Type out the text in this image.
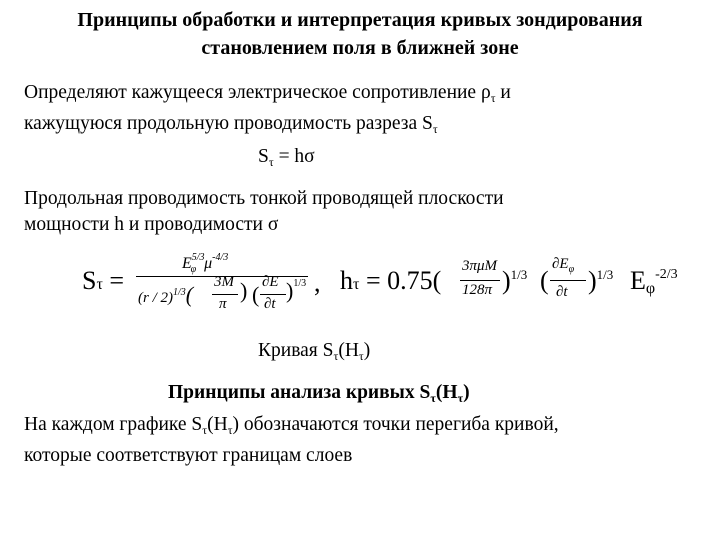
Принципы обработки и интерпретация кривых зондирования
становлением поля в ближней зоне
Определяют кажущееся электрическое сопротивление $\rho_\tau$ и
кажущуюся продольную проводимость разреза $S_\tau$
$S_\tau = h\sigma$
Продольная проводимость тонкой проводящей плоскости
мощности h и проводимости σ
Sτ =
$E^{5/3}_\varphi$ $\mu^{-4/3}$
(r / 2)$^{1/3}$( 3M
π
) ( ∂E
∂t
)$^{1/3}$ , hτ = 0.75( 3πμM
128π )$^{1/3}$ (
$\partial E_\varphi$
∂t )$^{1/3}$ $E\varphi^{-2/3}$
Кривая $S_\tau(H_\tau)$
Принципы анализа кривых $S_\tau(H_\tau)$
На каждом графике $S_\tau(H_\tau)$ обозначаются точки перегиба кривой,
которые соответствуют границам слоев
